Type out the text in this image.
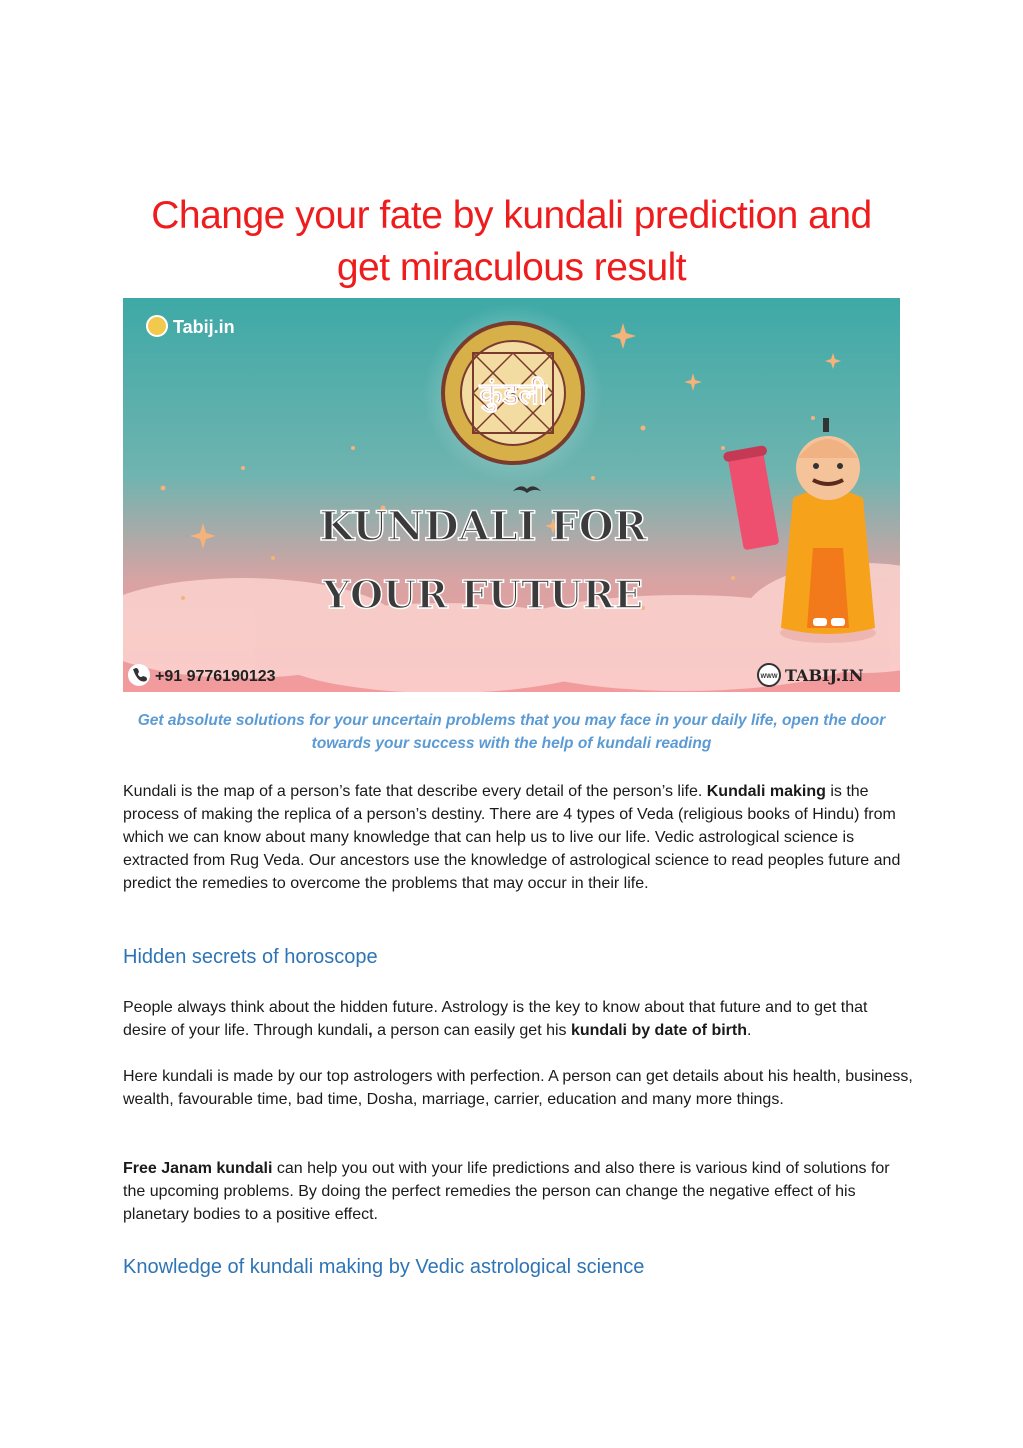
Change your fate by kundali prediction and
get miraculous result
Tabij.in
कुंडली
KUNDALI FOR
YOUR FUTURE
+91 9776190123	WWW TABIJ.IN

Get absolute solutions for your uncertain problems that you may face in your daily life, open the door towards your success with the help of kundali reading

Kundali is the map of a person’s fate that describe every detail of the person’s life. Kundali making is the process of making the replica of a person’s destiny. There are 4 types of Veda (religious books of Hindu) from which we can know about many knowledge that can help us to live our life. Vedic astrological science is extracted from Rug Veda. Our ancestors use the knowledge of astrological science to read peoples future and predict the remedies to overcome the problems that may occur in their life.

Hidden secrets of horoscope

People always think about the hidden future. Astrology is the key to know about that future and to get that desire of your life. Through kundali, a person can easily get his kundali by date of birth.

Here kundali is made by our top astrologers with perfection. A person can get details about his health, business, wealth, favourable time, bad time, Dosha, marriage, carrier, education and many more things.

Free Janam kundali can help you out with your life predictions and also there is various kind of solutions for the upcoming problems. By doing the perfect remedies the person can change the negative effect of his planetary bodies to a positive effect.

Knowledge of kundali making by Vedic astrological science
